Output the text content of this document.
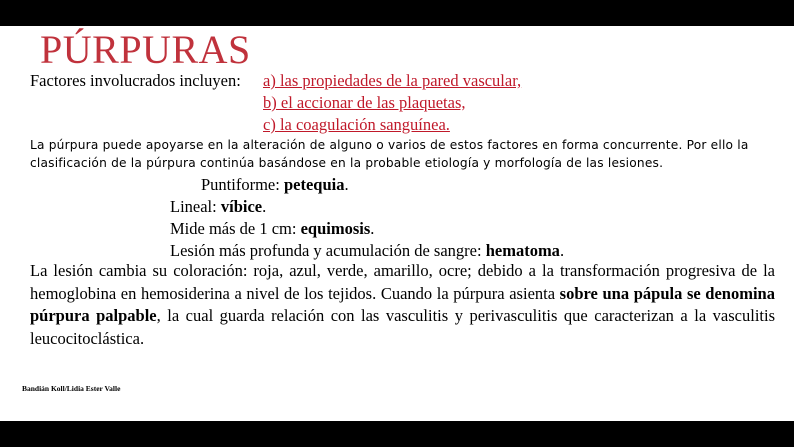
PÚRPURAS
Factores involucrados incluyen: a) las propiedades de la pared vascular,
b) el accionar de las plaquetas,
c) la coagulación sanguínea.
La púrpura puede apoyarse en la alteración de alguno o varios de estos factores en forma concurrente. Por ello la clasificación de la púrpura continúa basándose en la probable etiología y morfología de las lesiones.
Puntiforme: petequia.
Lineal: víbice.
Mide más de 1 cm: equimosis.
Lesión más profunda y acumulación de sangre: hematoma.
La lesión cambia su coloración: roja, azul, verde, amarillo, ocre; debido a la transformación progresiva de la hemoglobina en hemosiderina a nivel de los tejidos. Cuando la púrpura asienta sobre una pápula se denomina púrpura palpable, la cual guarda relación con las vasculitis y perivasculitis que caracterizan a la vasculitis leucocitoclástica.
Bandián Koll/Lidia Ester Valle
